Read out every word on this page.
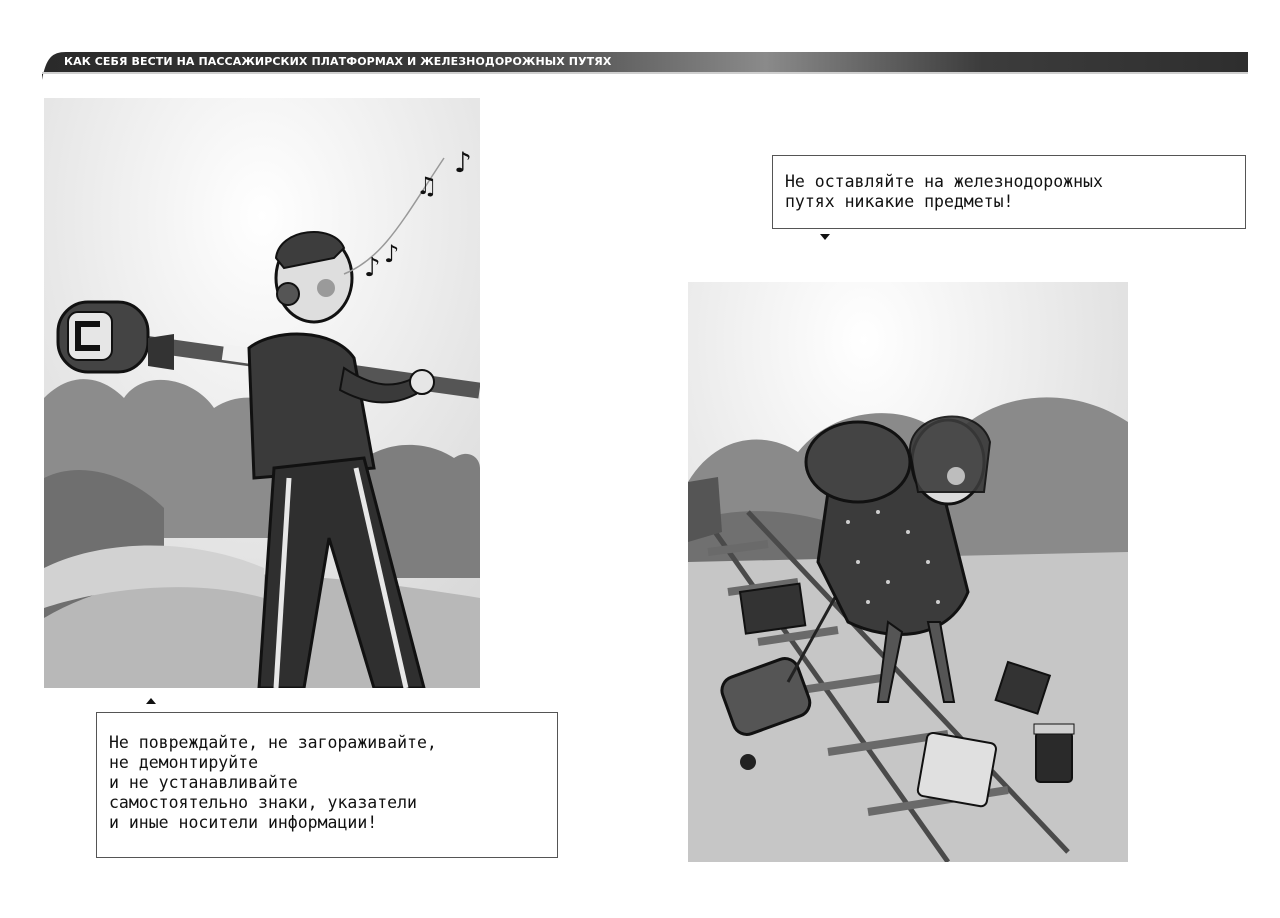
КАК СЕБЯ ВЕСТИ НА ПАССАЖИРСКИХ ПЛАТФОРМАХ И ЖЕЛЕЗНОДОРОЖНЫХ ПУТЯХ
♪ ♪
♫
♪
Не оставляйте на железнодорожных
путях никакие предметы!
Не повреждайте, не загораживайте,
не демонтируйте
и не устанавливайте
самостоятельно знаки, указатели
и иные носители информации!
